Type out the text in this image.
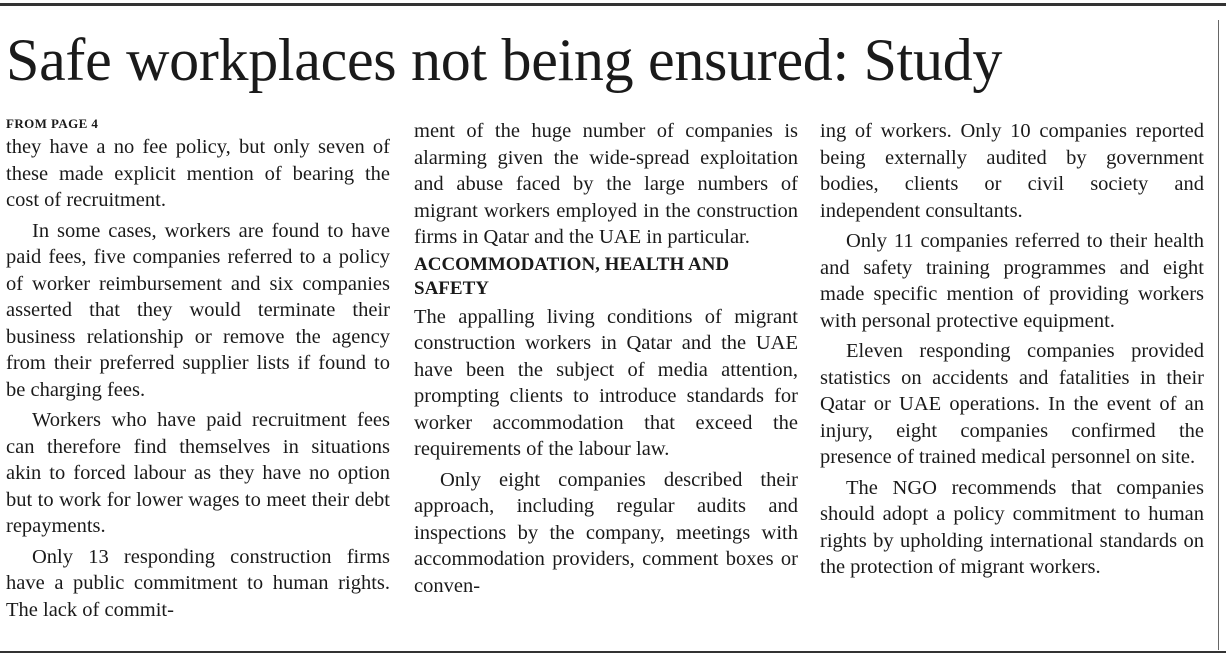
Safe workplaces not being ensured: Study
FROM PAGE 4

they have a no fee policy, but only seven of these made explicit mention of bearing the cost of recruitment.

In some cases, workers are found to have paid fees, five companies referred to a policy of worker reimbursement and six companies asserted that they would terminate their business relationship or remove the agency from their preferred supplier lists if found to be charging fees.

Workers who have paid recruitment fees can therefore find themselves in situations akin to forced labour as they have no option but to work for lower wages to meet their debt repayments.

Only 13 responding construction firms have a public commitment to human rights. The lack of commit-

ment of the huge number of companies is alarming given the wide-spread exploitation and abuse faced by the large numbers of migrant workers employed in the construction firms in Qatar and the UAE in particular.

ACCOMMODATION, HEALTH AND SAFETY

The appalling living conditions of migrant construction workers in Qatar and the UAE have been the subject of media attention, prompting clients to introduce standards for worker accommodation that exceed the requirements of the labour law.

Only eight companies described their approach, including regular audits and inspections by the company, meetings with accommodation providers, comment boxes or conven-

ing of workers. Only 10 companies reported being externally audited by government bodies, clients or civil society and independent consultants.

Only 11 companies referred to their health and safety training programmes and eight made specific mention of providing workers with personal protective equipment.

Eleven responding companies provided statistics on accidents and fatalities in their Qatar or UAE operations. In the event of an injury, eight companies confirmed the presence of trained medical personnel on site.

The NGO recommends that companies should adopt a policy commitment to human rights by upholding international standards on the protection of migrant workers.
